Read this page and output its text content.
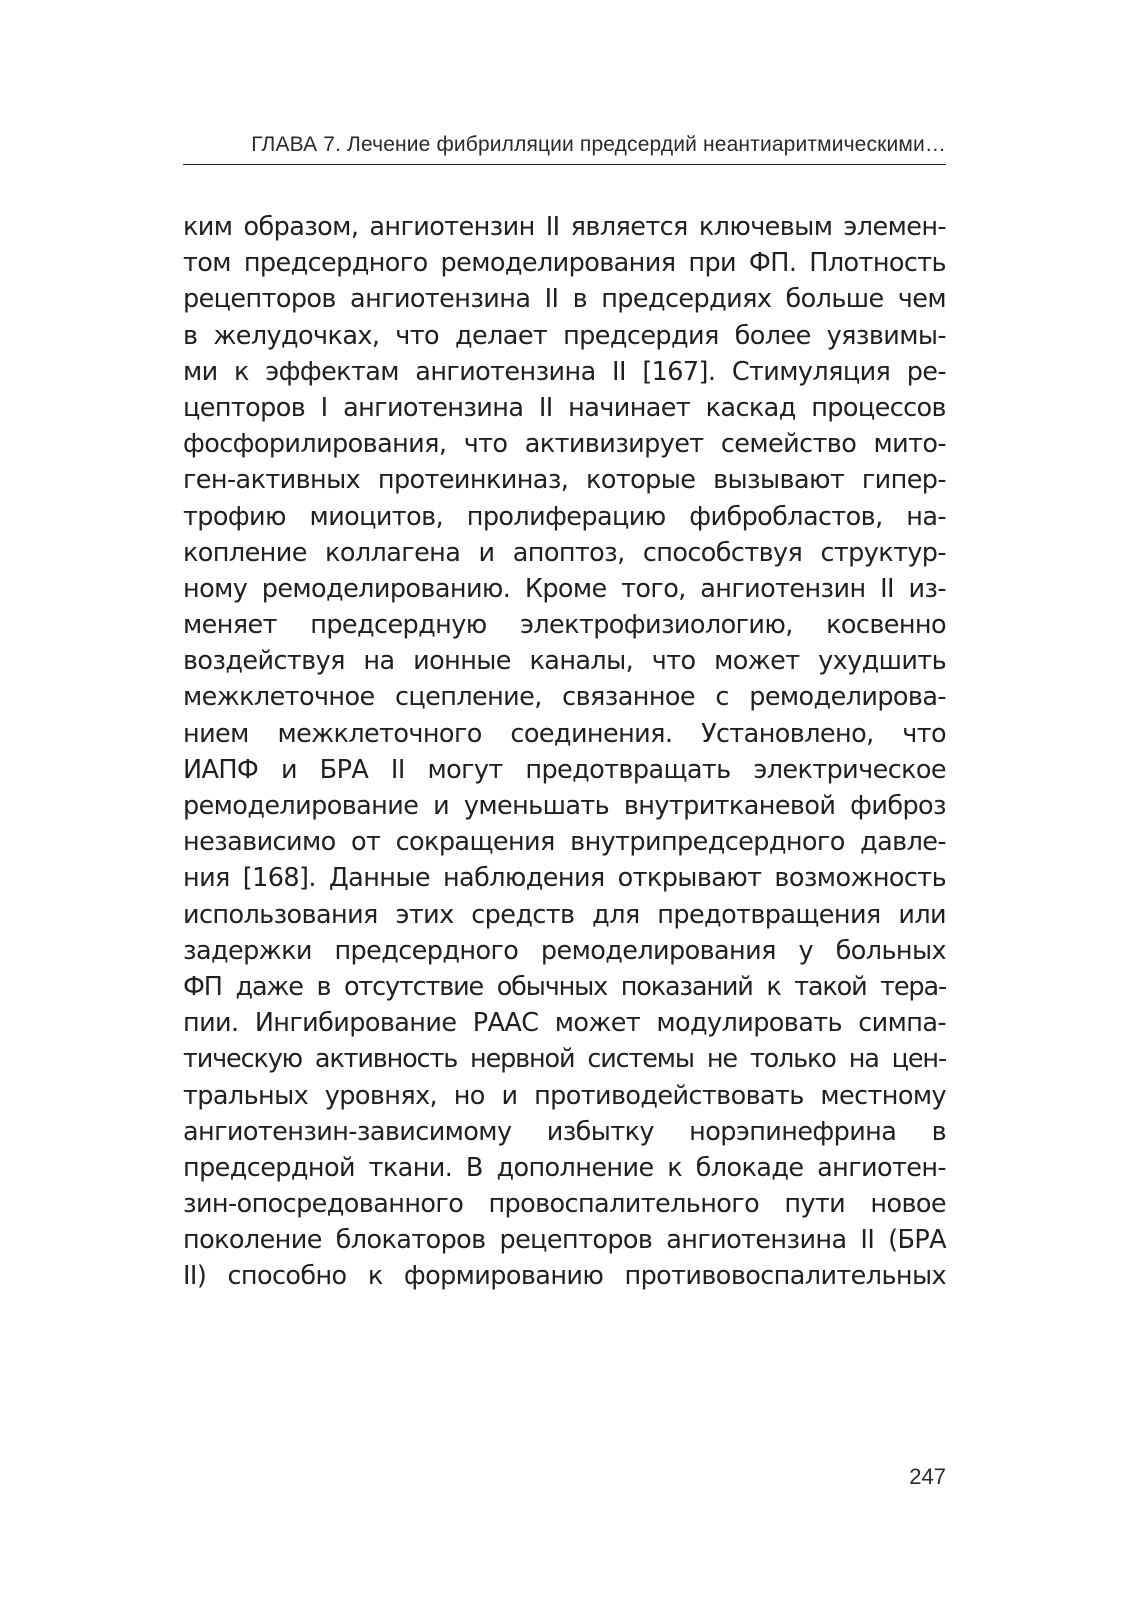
ГЛАВА 7. Лечение фибрилляции предсердий неантиаритмическими…
ким образом, ангиотензин II является ключевым элемен-
том предсердного ремоделирования при ФП. Плотность
рецепторов ангиотензина II в предсердиях больше чем
в желудочках, что делает предсердия более уязвимы-
ми к эффектам ангиотензина II [167]. Стимуляция ре-
цепторов I ангиотензина II начинает каскад процессов
фосфорилирования, что активизирует семейство мито-
ген-активных протеинкиназ, которые вызывают гипер-
трофию миоцитов, пролиферацию фибробластов, на-
копление коллагена и апоптоз, способствуя структур-
ному ремоделированию. Кроме того, ангиотензин II из-
меняет предсердную электрофизиологию, косвенно
воздействуя на ионные каналы, что может ухудшить
межклеточное сцепление, связанное с ремоделирова-
нием межклеточного соединения. Установлено, что
ИАПФ и БРА II могут предотвращать электрическое
ремоделирование и уменьшать внутритканевой фиброз
независимо от сокращения внутрипредсердного давле-
ния [168]. Данные наблюдения открывают возможность
использования этих средств для предотвращения или
задержки предсердного ремоделирования у больных
ФП даже в отсутствие обычных показаний к такой тера-
пии. Ингибирование РААС может модулировать симпа-
тическую активность нервной системы не только на цен-
тральных уровнях, но и противодействовать местному
ангиотензин-зависимому избытку норэпинефрина в
предсердной ткани. В дополнение к блокаде ангиотен-
зин-опосредованного провоспалительного пути новое
поколение блокаторов рецепторов ангиотензина II (БРА
II) способно к формированию противовоспалительных
247
